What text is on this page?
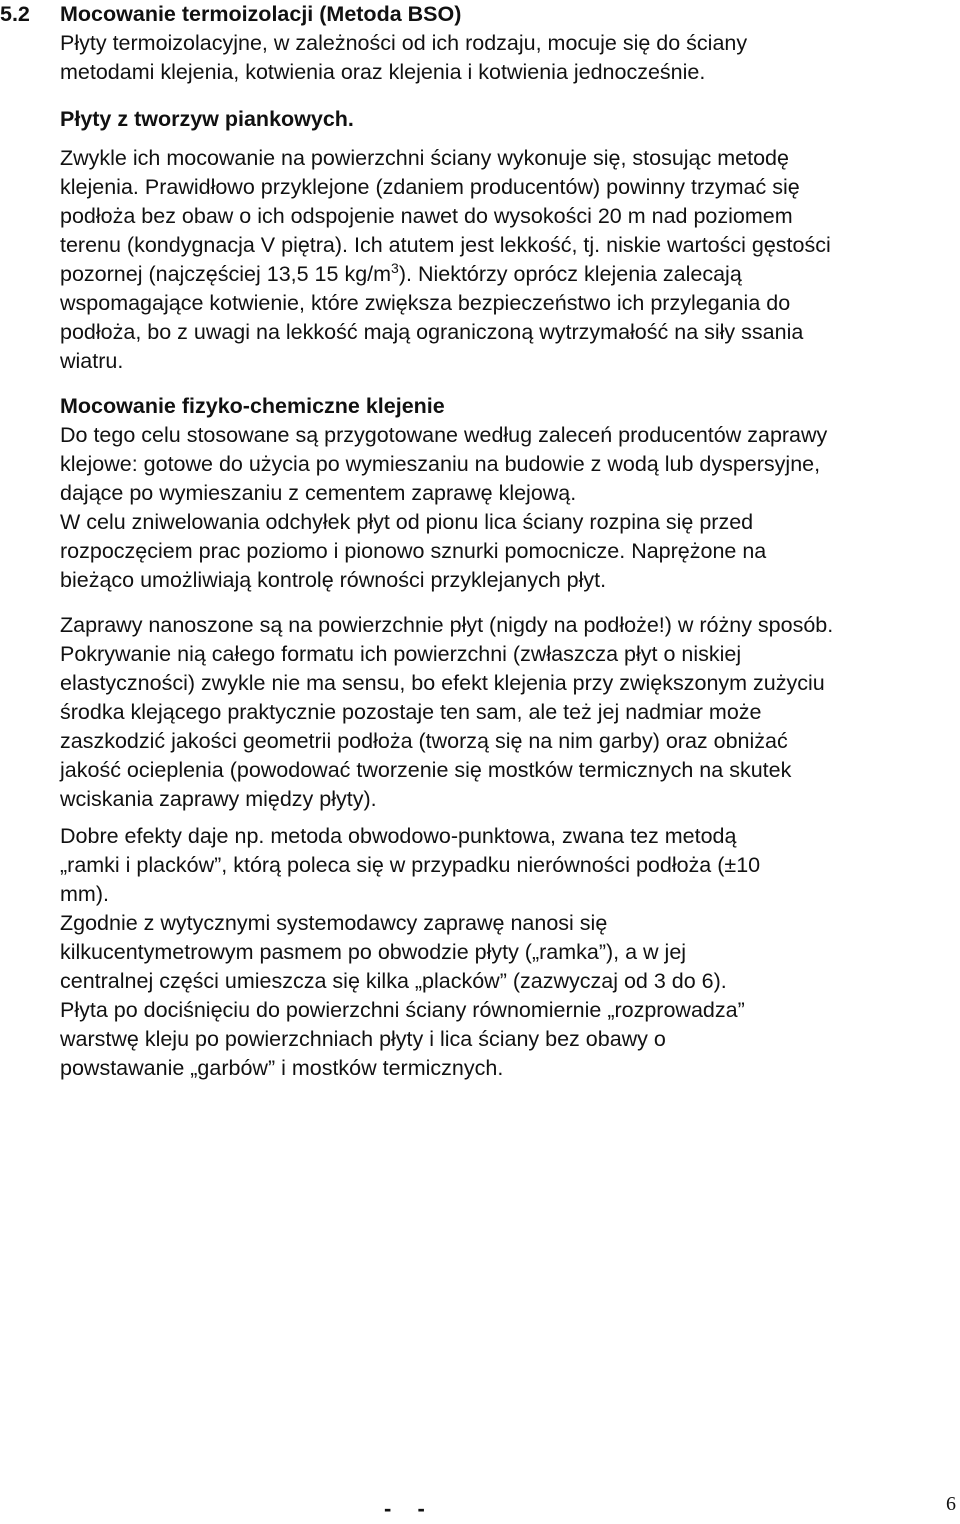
5.2 Mocowanie termoizolacji (Metoda BSO)
Płyty termoizolacyjne, w zależności od ich rodzaju, mocuje się do ściany
metodami klejenia, kotwienia oraz klejenia i kotwienia jednocześnie.
Płyty z tworzyw piankowych.
Zwykle ich mocowanie na powierzchni ściany wykonuje się, stosując metodę
klejenia. Prawidłowo przyklejone (zdaniem producentów) powinny trzymać się
podłoża bez obaw o ich odspojenie nawet do wysokości 20 m nad poziomem
terenu (kondygnacja V piętra). Ich atutem jest lekkość, tj. niskie wartości gęstości
pozornej (najczęściej 13,5 15 $kg/m^3$). Niektórzy oprócz klejenia zalecają
wspomagające kotwienie, które zwiększa bezpieczeństwo ich przylegania do
podłoża, bo z uwagi na lekkość mają ograniczoną wytrzymałość na siły ssania
wiatru.
Mocowanie fizyko-chemiczne klejenie
Do tego celu stosowane są przygotowane według zaleceń producentów zaprawy
klejowe: gotowe do użycia po wymieszaniu na budowie z wodą lub dyspersyjne,
dające po wymieszaniu z cementem zaprawę klejową.
W celu zniwelowania odchyłek płyt od pionu lica ściany rozpina się przed
rozpoczęciem prac poziomo i pionowo sznurki pomocnicze. Naprężone na
bieżąco umożliwiają kontrolę równości przyklejanych płyt.
Zaprawy nanoszone są na powierzchnie płyt (nigdy na podłoże!) w różny sposób.
Pokrywanie nią całego formatu ich powierzchni (zwłaszcza płyt o niskiej
elastyczności) zwykle nie ma sensu, bo efekt klejenia przy zwiększonym zużyciu
środka klejącego praktycznie pozostaje ten sam, ale też jej nadmiar może
zaszkodzić jakości geometrii podłoża (tworzą się na nim garby) oraz obniżać
jakość ocieplenia (powodować tworzenie się mostków termicznych na skutek
wciskania zaprawy między płyty).
Dobre efekty daje np. metoda obwodowo-punktowa, zwana tez metodą
„ramki i placków”, którą poleca się w przypadku nierówności podłoża (±10
mm).
Zgodnie z wytycznymi systemodawcy zaprawę nanosi się
kilkucentymetrowym pasmem po obwodzie płyty („ramka”), a w jej
centralnej części umieszcza się kilka „placków” (zazwyczaj od 3 do 6).
Płyta po dociśnięciu do powierzchni ściany równomiernie „rozprowadza”
warstwę kleju po powierzchniach płyty i lica ściany bez obawy o
powstawanie „garbów” i mostków termicznych.
- -	6
